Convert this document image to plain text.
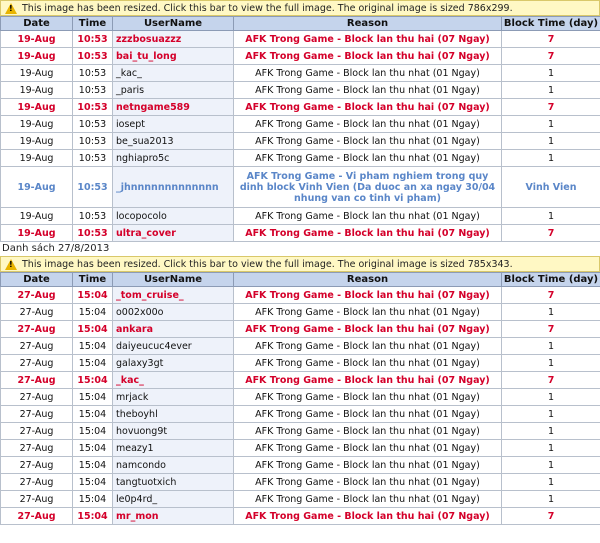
! This image has been resized. Click this bar to view the full image. The original image is sized 786x299.
Date	Time	UserName	Reason	Block Time (day)
19-Aug	10:53	zzzbosuazzz	AFK Trong Game - Block lan thu hai (07 Ngay)	7
19-Aug	10:53	bai_tu_long	AFK Trong Game - Block lan thu hai (07 Ngay)	7
19-Aug	10:53	_kac_	AFK Trong Game - Block lan thu nhat (01 Ngay)	1
19-Aug	10:53	_paris	AFK Trong Game - Block lan thu nhat (01 Ngay)	1
19-Aug	10:53	netngame589	AFK Trong Game - Block lan thu hai (07 Ngay)	7
19-Aug	10:53	iosept	AFK Trong Game - Block lan thu nhat (01 Ngay)	1
19-Aug	10:53	be_sua2013	AFK Trong Game - Block lan thu nhat (01 Ngay)	1
19-Aug	10:53	nghiapro5c	AFK Trong Game - Block lan thu nhat (01 Ngay)	1
19-Aug	10:53	_jhnnnnnnnnnnnnn	AFK Trong Game - Vi pham nghiem trong quy dinh block Vinh Vien (Da duoc an xa ngay 30/04 nhung van co tinh vi pham)	Vinh Vien
19-Aug	10:53	locopocolo	AFK Trong Game - Block lan thu nhat (01 Ngay)	1
19-Aug	10:53	ultra_cover	AFK Trong Game - Block lan thu hai (07 Ngay)	7
Danh sách 27/8/2013
! This image has been resized. Click this bar to view the full image. The original image is sized 785x343.
Date	Time	UserName	Reason	Block Time (day)
27-Aug	15:04	_tom_cruise_	AFK Trong Game - Block lan thu hai (07 Ngay)	7
27-Aug	15:04	o002x00o	AFK Trong Game - Block lan thu nhat (01 Ngay)	1
27-Aug	15:04	ankara	AFK Trong Game - Block lan thu hai (07 Ngay)	7
27-Aug	15:04	daiyeucuc4ever	AFK Trong Game - Block lan thu nhat (01 Ngay)	1
27-Aug	15:04	galaxy3gt	AFK Trong Game - Block lan thu nhat (01 Ngay)	1
27-Aug	15:04	_kac_	AFK Trong Game - Block lan thu hai (07 Ngay)	7
27-Aug	15:04	mrjack	AFK Trong Game - Block lan thu nhat (01 Ngay)	1
27-Aug	15:04	theboyhl	AFK Trong Game - Block lan thu nhat (01 Ngay)	1
27-Aug	15:04	hovuong9t	AFK Trong Game - Block lan thu nhat (01 Ngay)	1
27-Aug	15:04	meazy1	AFK Trong Game - Block lan thu nhat (01 Ngay)	1
27-Aug	15:04	namcondo	AFK Trong Game - Block lan thu nhat (01 Ngay)	1
27-Aug	15:04	tangtuotxich	AFK Trong Game - Block lan thu nhat (01 Ngay)	1
27-Aug	15:04	le0p4rd_	AFK Trong Game - Block lan thu nhat (01 Ngay)	1
27-Aug	15:04	mr_mon	AFK Trong Game - Block lan thu hai (07 Ngay)	7
